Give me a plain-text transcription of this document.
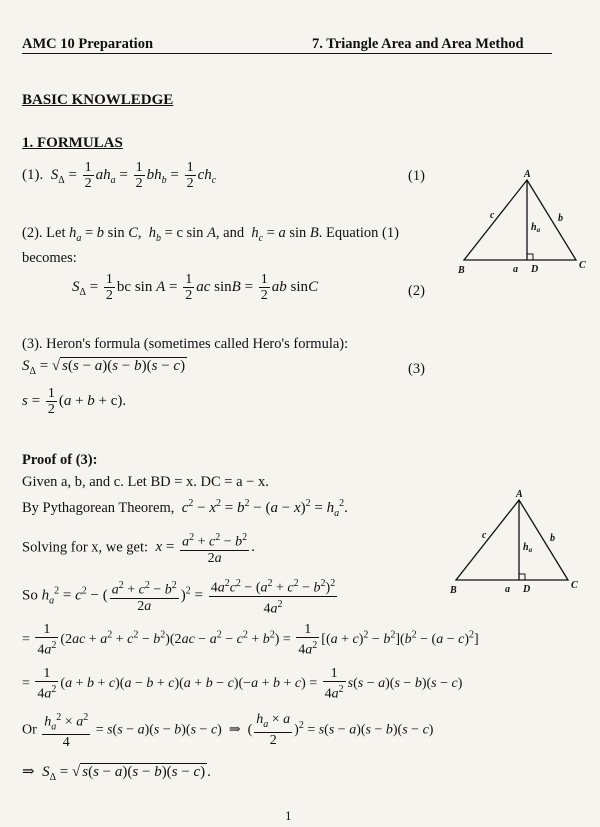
AMC 10 Preparation	7. Triangle Area and Area Method
BASIC KNOWLEDGE
1. FORMULAS
(1).  $S_\Delta = \frac{1}{2} ah_a = \frac{1}{2} bh_b = \frac{1}{2} ch_c$	(1)
(2). Let $h_a = b$ sin C,  $h_b = c$ sin A, and  $h_c = a$ sin B. Equation (1)
becomes:
$S_\Delta = \frac{1}{2}$ bc $\sin A = \frac{1}{2}$ ac $\sin B = \frac{1}{2}$ ab sinC	(2)
(3). Heron's formula (sometimes called Hero's formula):
$S_\Delta$ = √ s(s − a)(s − b)(s − c)	(3)
$s = \frac{1}{2} (a + b + c)$.
Proof of (3):
Given a, b, and c. Let BD = x. DC = a − x.
By Pythagorean Theorem, $c^2 - x^2 = b^2 - (a - x)^2 = h_a^2$.
Solving for x, we get: $x = \frac{a^2 + c^2 - b^2}{2a}$ .
So $h_a^2 = c^2$ − ( $\frac{a^2 + c^2 - b^2}{2a} )^2 = \frac{4a^2c^2 - (a^2 + c^2 - b^2)^2}{4a^2}$
= $\frac{1}{4a^2} (2ac + a^2 + c^2 - b^2)(2ac - a^2 - c^2 + b^2) = \frac{1}{4a^2} [(a + c)^2 - b^2](b^2 - (a - c)^2]$
= $\frac{1}{4a^2} (a + b + c)(a - b + c)(a + b - c)(-a + b + c) = \frac{1}{4a^2} s(s - a)(s - b)(s - c)$
Or $\frac{h_a^2 \times a^2}{4} = s(s - a)(s - b)(s - c)$  ⇒  ( $\frac{h_a \times a}{2} )^2 = s(s - a)(s - b)(s - c)$
⇒  $S_\Delta$ = √ s(s − a)(s − b)(s − c) .
1
A
B	C
D
c	b
a
$h_a$
A
B	C
D
c	b
a
$h_a$
